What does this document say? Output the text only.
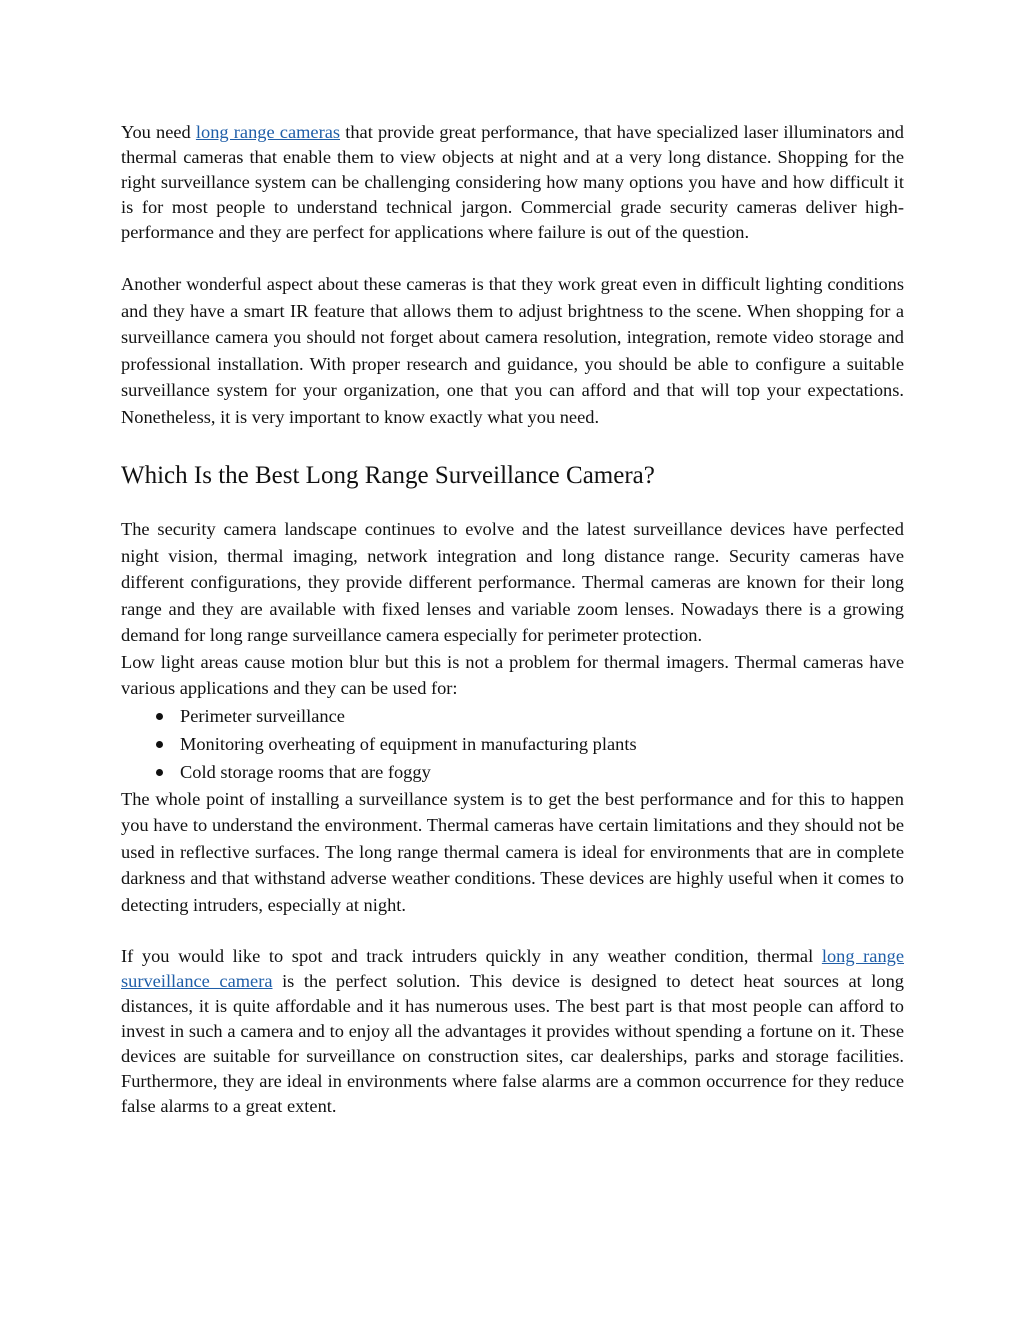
You need long range cameras that provide great performance, that have specialized laser illuminators and thermal cameras that enable them to view objects at night and at a very long distance. Shopping for the right surveillance system can be challenging considering how many options you have and how difficult it is for most people to understand technical jargon. Commercial grade security cameras deliver high-performance and they are perfect for applications where failure is out of the question.

Another wonderful aspect about these cameras is that they work great even in difficult lighting conditions and they have a smart IR feature that allows them to adjust brightness to the scene. When shopping for a surveillance camera you should not forget about camera resolution, integration, remote video storage and professional installation. With proper research and guidance, you should be able to configure a suitable surveillance system for your organization, one that you can afford and that will top your expectations. Nonetheless, it is very important to know exactly what you need.

Which Is the Best Long Range Surveillance Camera?

The security camera landscape continues to evolve and the latest surveillance devices have perfected night vision, thermal imaging, network integration and long distance range. Security cameras have different configurations, they provide different performance. Thermal cameras are known for their long range and they are available with fixed lenses and variable zoom lenses. Nowadays there is a growing demand for long range surveillance camera especially for perimeter protection.

Low light areas cause motion blur but this is not a problem for thermal imagers. Thermal cameras have various applications and they can be used for:

Perimeter surveillance
Monitoring overheating of equipment in manufacturing plants
Cold storage rooms that are foggy

The whole point of installing a surveillance system is to get the best performance and for this to happen you have to understand the environment. Thermal cameras have certain limitations and they should not be used in reflective surfaces. The long range thermal camera is ideal for environments that are in complete darkness and that withstand adverse weather conditions. These devices are highly useful when it comes to detecting intruders, especially at night.

If you would like to spot and track intruders quickly in any weather condition, thermal long range surveillance camera is the perfect solution. This device is designed to detect heat sources at long distances, it is quite affordable and it has numerous uses. The best part is that most people can afford to invest in such a camera and to enjoy all the advantages it provides without spending a fortune on it. These devices are suitable for surveillance on construction sites, car dealerships, parks and storage facilities. Furthermore, they are ideal in environments where false alarms are a common occurrence for they reduce false alarms to a great extent.
